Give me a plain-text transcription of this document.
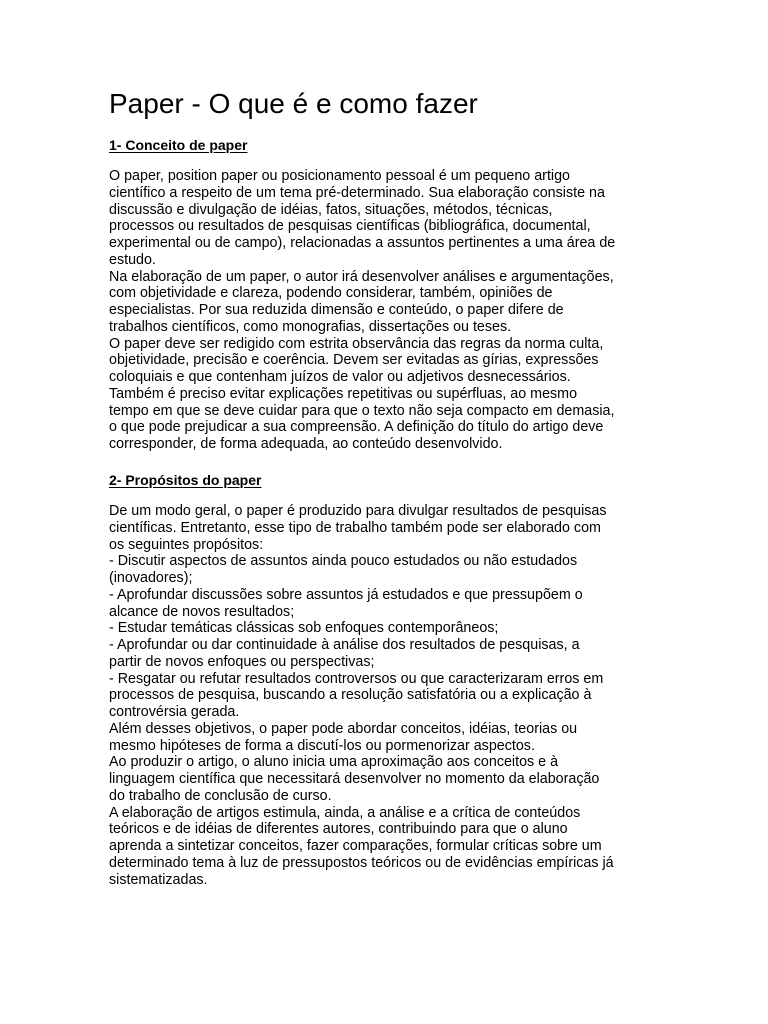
Paper - O que é e como fazer
1- Conceito de paper
O paper, position paper ou posicionamento pessoal é um pequeno artigo
científico a respeito de um tema pré-determinado. Sua elaboração consiste na
discussão e divulgação de idéias, fatos, situações, métodos, técnicas,
processos ou resultados de pesquisas científicas (bibliográfica, documental,
experimental ou de campo), relacionadas a assuntos pertinentes a uma área de
estudo.
Na elaboração de um paper, o autor irá desenvolver análises e argumentações,
com objetividade e clareza, podendo considerar, também, opiniões de
especialistas. Por sua reduzida dimensão e conteúdo, o paper difere de
trabalhos científicos, como monografias, dissertações ou teses.
O paper deve ser redigido com estrita observância das regras da norma culta,
objetividade, precisão e coerência. Devem ser evitadas as gírias, expressões
coloquiais e que contenham juízos de valor ou adjetivos desnecessários.
Também é preciso evitar explicações repetitivas ou supérfluas, ao mesmo
tempo em que se deve cuidar para que o texto não seja compacto em demasia,
o que pode prejudicar a sua compreensão. A definição do título do artigo deve
corresponder, de forma adequada, ao conteúdo desenvolvido.
2- Propósitos do paper
De um modo geral, o paper é produzido para divulgar resultados de pesquisas
científicas. Entretanto, esse tipo de trabalho também pode ser elaborado com
os seguintes propósitos:
- Discutir aspectos de assuntos ainda pouco estudados ou não estudados
(inovadores);
- Aprofundar discussões sobre assuntos já estudados e que pressupõem o
alcance de novos resultados;
- Estudar temáticas clássicas sob enfoques contemporâneos;
- Aprofundar ou dar continuidade à análise dos resultados de pesquisas, a
partir de novos enfoques ou perspectivas;
- Resgatar ou refutar resultados controversos ou que caracterizaram erros em
processos de pesquisa, buscando a resolução satisfatória ou a explicação à
controvérsia gerada.
Além desses objetivos, o paper pode abordar conceitos, idéias, teorias ou
mesmo hipóteses de forma a discutí-los ou pormenorizar aspectos.
Ao produzir o artigo, o aluno inicia uma aproximação aos conceitos e à
linguagem científica que necessitará desenvolver no momento da elaboração
do trabalho de conclusão de curso.
A elaboração de artigos estimula, ainda, a análise e a crítica de conteúdos
teóricos e de idéias de diferentes autores, contribuindo para que o aluno
aprenda a sintetizar conceitos, fazer comparações, formular críticas sobre um
determinado tema à luz de pressupostos teóricos ou de evidências empíricas já
sistematizadas.
